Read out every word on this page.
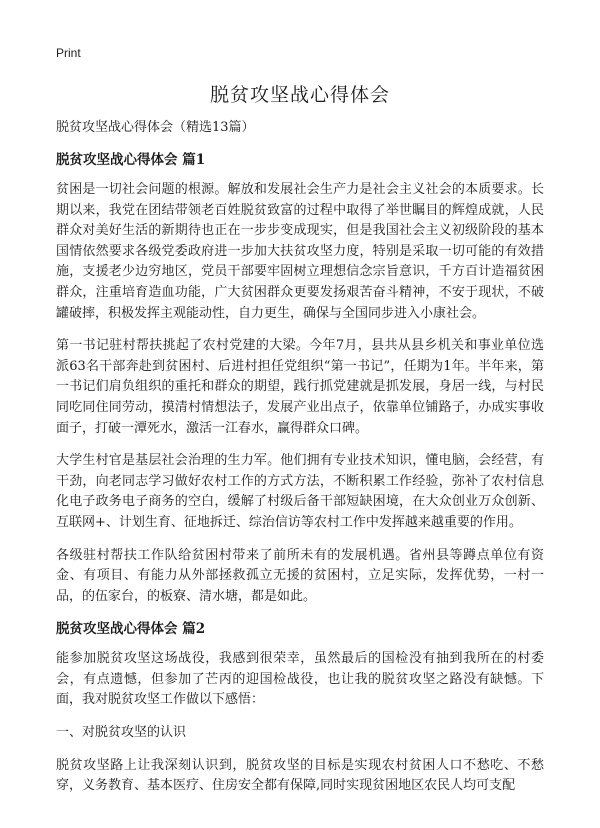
Print
脱贫攻坚战心得体会

脱贫攻坚战心得体会（精选13篇）

脱贫攻坚战心得体会 篇1

贫困是一切社会问题的根源。解放和发展社会生产力是社会主义社会的本质要求。长期以来，我党在团结带领老百姓脱贫致富的过程中取得了举世瞩目的辉煌成就，人民群众对美好生活的新期待也正在一步步变成现实，但是我国社会主义初级阶段的基本国情依然要求各级党委政府进一步加大扶贫攻坚力度，特别是采取一切可能的有效措施，支援老少边穷地区，党员干部要牢固树立理想信念宗旨意识，千方百计造福贫困群众，注重培育造血功能，广大贫困群众更要发扬艰苦奋斗精神，不安于现状，不破罐破摔，积极发挥主观能动性，自力更生，确保与全国同步进入小康社会。

第一书记驻村帮扶挑起了农村党建的大梁。今年7月，县共从县乡机关和事业单位选派63名干部奔赴到贫困村、后进村担任党组织“第一书记”，任期为1年。半年来，第一书记们肩负组织的重托和群众的期望，践行抓党建就是抓发展，身居一线，与村民同吃同住同劳动，摸清村情想法子，发展产业出点子，依靠单位铺路子，办成实事收面子，打破一潭死水，激活一江春水，赢得群众口碑。

大学生村官是基层社会治理的生力军。他们拥有专业技术知识，懂电脑，会经营，有干劲，向老同志学习做好农村工作的方式方法，不断积累工作经验，弥补了农村信息化电子政务电子商务的空白，缓解了村级后备干部短缺困境，在大众创业万众创新、互联网+、计划生育、征地拆迁、综治信访等农村工作中发挥越来越重要的作用。

各级驻村帮扶工作队给贫困村带来了前所未有的发展机遇。省州县等蹲点单位有资金、有项目、有能力从外部拯救孤立无援的贫困村，立足实际，发挥优势，一村一品，的伍家台，的板寮、清水塘，都是如此。

脱贫攻坚战心得体会 篇2

能参加脱贫攻坚这场战役，我感到很荣幸，虽然最后的国检没有抽到我所在的村委会，有点遗憾，但参加了芒丙的迎国检战役，也让我的脱贫攻坚之路没有缺憾。下面，我对脱贫攻坚工作做以下感悟：

一、对脱贫攻坚的认识

脱贫攻坚路上让我深刻认识到，脱贫攻坚的目标是实现农村贫困人口不愁吃、不愁穿，义务教育、基本医疗、住房安全都有保障,同时实现贫困地区农民人均可支配
